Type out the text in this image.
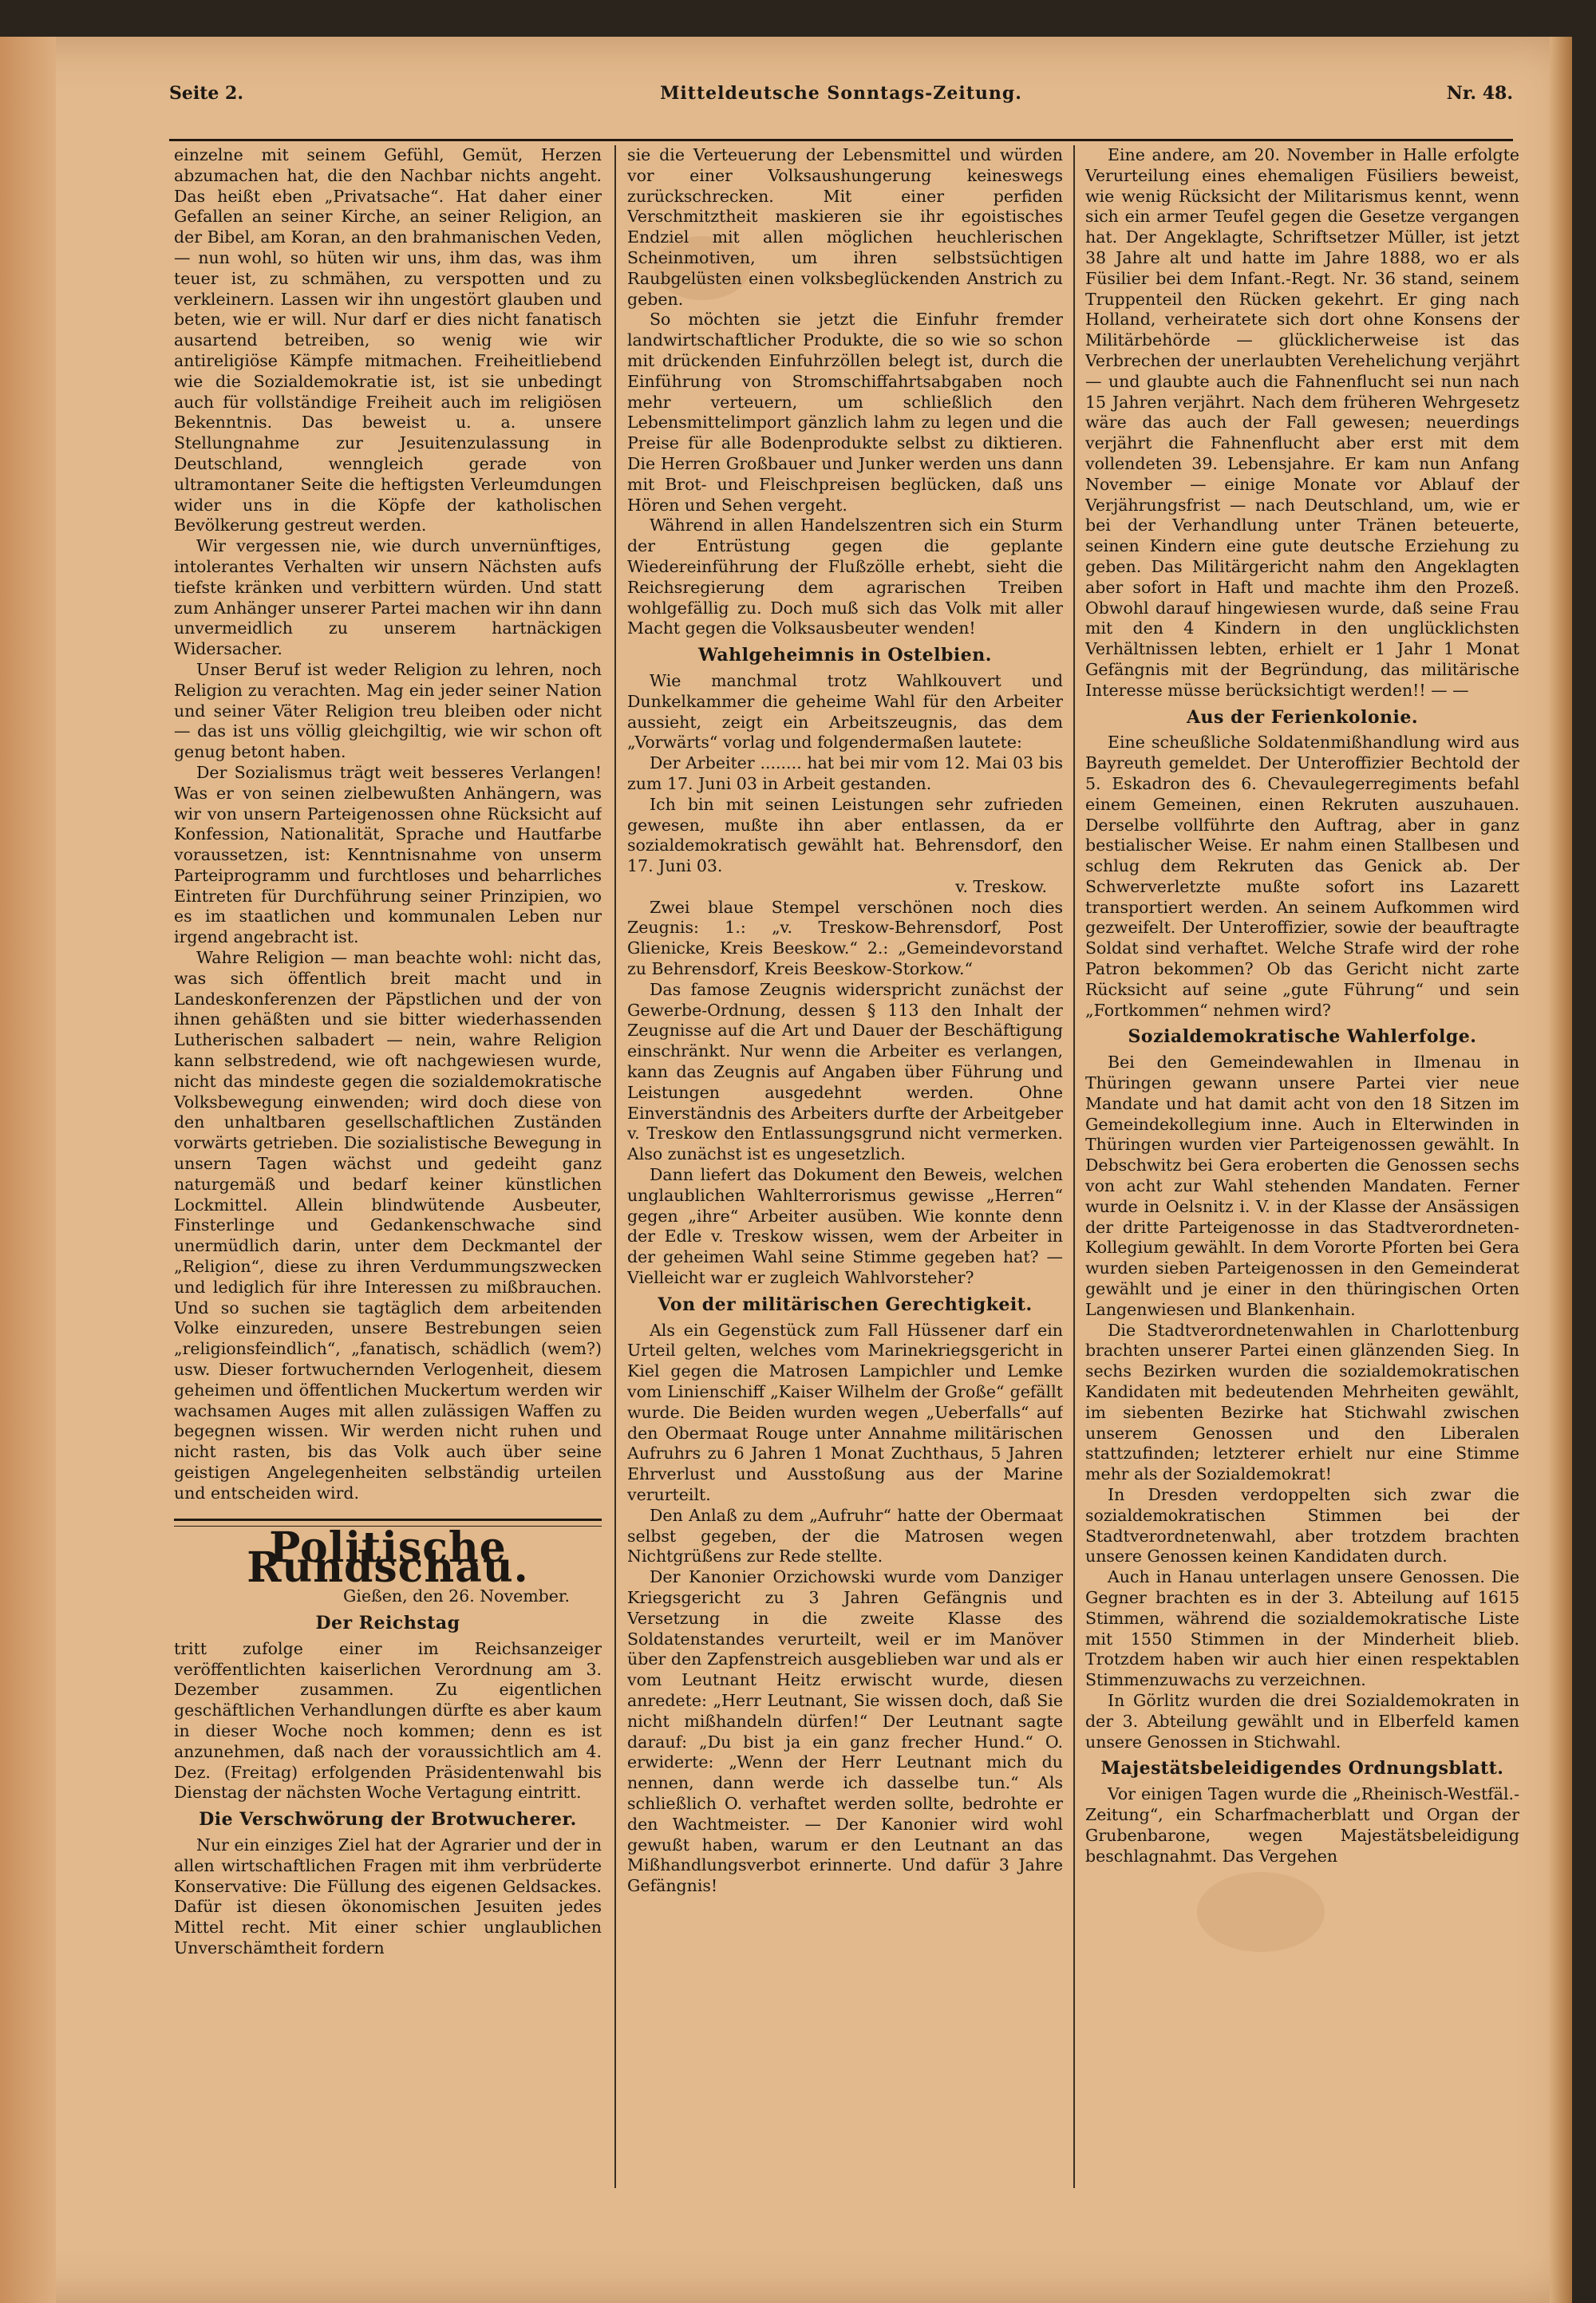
Seite 2.	Mitteldeutsche Sonntags-Zeitung.	Nr. 48.

einzelne mit seinem Gefühl, Gemüt, Herzen abzumachen hat, die den Nachbar nichts angeht. Das heißt eben „Privatsache“. Hat daher einer Gefallen an seiner Kirche, an seiner Religion, an der Bibel, am Koran, an den brahmanischen Veden, — nun wohl, so hüten wir uns, ihm das, was ihm teuer ist, zu schmähen, zu verspotten und zu verkleinern. Lassen wir ihn ungestört glauben und beten, wie er will. Nur darf er dies nicht fanatisch ausartend betreiben, so wenig wie wir antireligiöse Kämpfe mitmachen. Freiheitliebend wie die Sozialdemokratie ist, ist sie unbedingt auch für vollständige Freiheit auch im religiösen Bekenntnis. Das beweist u. a. unsere Stellungnahme zur Jesuitenzulassung in Deutschland, wenngleich gerade von ultramontaner Seite die heftigsten Verleumdungen wider uns in die Köpfe der katholischen Bevölkerung gestreut werden.

Wir vergessen nie, wie durch unvernünftiges, intolerantes Verhalten wir unsern Nächsten aufs tiefste kränken und verbittern würden. Und statt zum Anhänger unserer Partei machen wir ihn dann unvermeidlich zu unserem hartnäckigen Widersacher.

Unser Beruf ist weder Religion zu lehren, noch Religion zu verachten. Mag ein jeder seiner Nation und seiner Väter Religion treu bleiben oder nicht — das ist uns völlig gleichgiltig, wie wir schon oft genug betont haben.

Der Sozialismus trägt weit besseres Verlangen! Was er von seinen zielbewußten Anhängern, was wir von unsern Parteigenossen ohne Rücksicht auf Konfession, Nationalität, Sprache und Hautfarbe voraussetzen, ist: Kenntnisnahme von unserm Parteiprogramm und furchtloses und beharrliches Eintreten für Durchführung seiner Prinzipien, wo es im staatlichen und kommunalen Leben nur irgend angebracht ist.

Wahre Religion — man beachte wohl: nicht das, was sich öffentlich breit macht und in Landeskonferenzen der Päpstlichen und der von ihnen gehäßten und sie bitter wiederhassenden Lutherischen salbadert — nein, wahre Religion kann selbstredend, wie oft nachgewiesen wurde, nicht das mindeste gegen die sozialdemokratische Volksbewegung einwenden; wird doch diese von den unhaltbaren gesellschaftlichen Zuständen vorwärts getrieben. Die sozialistische Bewegung in unsern Tagen wächst und gedeiht ganz naturgemäß und bedarf keiner künstlichen Lockmittel. Allein blindwütende Ausbeuter, Finsterlinge und Gedankenschwache sind unermüdlich darin, unter dem Deckmantel der „Religion“, diese zu ihren Verdummungszwecken und lediglich für ihre Interessen zu mißbrauchen. Und so suchen sie tagtäglich dem arbeitenden Volke einzureden, unsere Bestrebungen seien „religionsfeindlich“, „fanatisch, schädlich (wem?) usw. Dieser fortwuchernden Verlogenheit, diesem geheimen und öffentlichen Muckertum werden wir wachsamen Auges mit allen zulässigen Waffen zu begegnen wissen. Wir werden nicht ruhen und nicht rasten, bis das Volk auch über seine geistigen Angelegenheiten selbständig urteilen und entscheiden wird.

Politische Rundschau.
Gießen, den 26. November.
Der Reichstag

tritt zufolge einer im Reichsanzeiger veröffentlichten kaiserlichen Verordnung am 3. Dezember zusammen. Zu eigentlichen geschäftlichen Verhandlungen dürfte es aber kaum in dieser Woche noch kommen; denn es ist anzunehmen, daß nach der voraussichtlich am 4. Dez. (Freitag) erfolgenden Präsidentenwahl bis Dienstag der nächsten Woche Vertagung eintritt.

Die Verschwörung der Brotwucherer.

Nur ein einziges Ziel hat der Agrarier und der in allen wirtschaftlichen Fragen mit ihm verbrüderte Konservative: Die Füllung des eigenen Geldsackes. Dafür ist diesen ökonomischen Jesuiten jedes Mittel recht. Mit einer schier unglaublichen Unverschämtheit fordern

sie die Verteuerung der Lebensmittel und würden vor einer Volksaushungerung keineswegs zurückschrecken. Mit einer perfiden Verschmitztheit maskieren sie ihr egoistisches Endziel mit allen möglichen heuchlerischen Scheinmotiven, um ihren selbstsüchtigen Raubgelüsten einen volksbeglückenden Anstrich zu geben.

So möchten sie jetzt die Einfuhr fremder landwirtschaftlicher Produkte, die so wie so schon mit drückenden Einfuhrzöllen belegt ist, durch die Einführung von Stromschiffahrtsabgaben noch mehr verteuern, um schließlich den Lebensmittelimport gänzlich lahm zu legen und die Preise für alle Bodenprodukte selbst zu diktieren. Die Herren Großbauer und Junker werden uns dann mit Brot- und Fleischpreisen beglücken, daß uns Hören und Sehen vergeht.

Während in allen Handelszentren sich ein Sturm der Entrüstung gegen die geplante Wiedereinführung der Flußzölle erhebt, sieht die Reichsregierung dem agrarischen Treiben wohlgefällig zu. Doch muß sich das Volk mit aller Macht gegen die Volksausbeuter wenden!

Wahlgeheimnis in Ostelbien.

Wie manchmal trotz Wahlkouvert und Dunkelkammer die geheime Wahl für den Arbeiter aussieht, zeigt ein Arbeitszeugnis, das dem „Vorwärts“ vorlag und folgendermaßen lautete:

Der Arbeiter ........ hat bei mir vom 12. Mai 03 bis zum 17. Juni 03 in Arbeit gestanden.

Ich bin mit seinen Leistungen sehr zufrieden gewesen, mußte ihn aber entlassen, da er sozialdemokratisch gewählt hat. Behrensdorf, den 17. Juni 03.

v. Treskow.

Zwei blaue Stempel verschönen noch dies Zeugnis: 1.: „v. Treskow-Behrensdorf, Post Glienicke, Kreis Beeskow.“ 2.: „Gemeindevorstand zu Behrensdorf, Kreis Beeskow-Storkow.“

Das famose Zeugnis widerspricht zunächst der Gewerbe-Ordnung, dessen § 113 den Inhalt der Zeugnisse auf die Art und Dauer der Beschäftigung einschränkt. Nur wenn die Arbeiter es verlangen, kann das Zeugnis auf Angaben über Führung und Leistungen ausgedehnt werden. Ohne Einverständnis des Arbeiters durfte der Arbeitgeber v. Treskow den Entlassungsgrund nicht vermerken. Also zunächst ist es ungesetzlich.

Dann liefert das Dokument den Beweis, welchen unglaublichen Wahlterrorismus gewisse „Herren“ gegen „ihre“ Arbeiter ausüben. Wie konnte denn der Edle v. Treskow wissen, wem der Arbeiter in der geheimen Wahl seine Stimme gegeben hat? — Vielleicht war er zugleich Wahlvorsteher?

Von der militärischen Gerechtigkeit.

Als ein Gegenstück zum Fall Hüssener darf ein Urteil gelten, welches vom Marinekriegsgericht in Kiel gegen die Matrosen Lampichler und Lemke vom Linienschiff „Kaiser Wilhelm der Große“ gefällt wurde. Die Beiden wurden wegen „Ueberfalls“ auf den Obermaat Rouge unter Annahme militärischen Aufruhrs zu 6 Jahren 1 Monat Zuchthaus, 5 Jahren Ehrverlust und Ausstoßung aus der Marine verurteilt.

Den Anlaß zu dem „Aufruhr“ hatte der Obermaat selbst gegeben, der die Matrosen wegen Nichtgrüßens zur Rede stellte.

Der Kanonier Orzichowski wurde vom Danziger Kriegsgericht zu 3 Jahren Gefängnis und Versetzung in die zweite Klasse des Soldatenstandes verurteilt, weil er im Manöver über den Zapfenstreich ausgeblieben war und als er vom Leutnant Heitz erwischt wurde, diesen anredete: „Herr Leutnant, Sie wissen doch, daß Sie nicht mißhandeln dürfen!“ Der Leutnant sagte darauf: „Du bist ja ein ganz frecher Hund.“ O. erwiderte: „Wenn der Herr Leutnant mich du nennen, dann werde ich dasselbe tun.“ Als schließlich O. verhaftet werden sollte, bedrohte er den Wachtmeister. — Der Kanonier wird wohl gewußt haben, warum er den Leutnant an das Mißhandlungsverbot erinnerte. Und dafür 3 Jahre Gefängnis!

Eine andere, am 20. November in Halle erfolgte Verurteilung eines ehemaligen Füsiliers beweist, wie wenig Rücksicht der Militarismus kennt, wenn sich ein armer Teufel gegen die Gesetze vergangen hat. Der Angeklagte, Schriftsetzer Müller, ist jetzt 38 Jahre alt und hatte im Jahre 1888, wo er als Füsilier bei dem Infant.-Regt. Nr. 36 stand, seinem Truppenteil den Rücken gekehrt. Er ging nach Holland, verheiratete sich dort ohne Konsens der Militärbehörde — glücklicherweise ist das Verbrechen der unerlaubten Verehelichung verjährt — und glaubte auch die Fahnenflucht sei nun nach 15 Jahren verjährt. Nach dem früheren Wehrgesetz wäre das auch der Fall gewesen; neuerdings verjährt die Fahnenflucht aber erst mit dem vollendeten 39. Lebensjahre. Er kam nun Anfang November — einige Monate vor Ablauf der Verjährungsfrist — nach Deutschland, um, wie er bei der Verhandlung unter Tränen beteuerte, seinen Kindern eine gute deutsche Erziehung zu geben. Das Militärgericht nahm den Angeklagten aber sofort in Haft und machte ihm den Prozeß. Obwohl darauf hingewiesen wurde, daß seine Frau mit den 4 Kindern in den unglücklichsten Verhältnissen lebten, erhielt er 1 Jahr 1 Monat Gefängnis mit der Begründung, das militärische Interesse müsse berücksichtigt werden!! — —

Aus der Ferienkolonie.

Eine scheußliche Soldatenmißhandlung wird aus Bayreuth gemeldet. Der Unteroffizier Bechtold der 5. Eskadron des 6. Chevaulegerregiments befahl einem Gemeinen, einen Rekruten auszuhauen. Derselbe vollführte den Auftrag, aber in ganz bestialischer Weise. Er nahm einen Stallbesen und schlug dem Rekruten das Genick ab. Der Schwerverletzte mußte sofort ins Lazarett transportiert werden. An seinem Aufkommen wird gezweifelt. Der Unteroffizier, sowie der beauftragte Soldat sind verhaftet. Welche Strafe wird der rohe Patron bekommen? Ob das Gericht nicht zarte Rücksicht auf seine „gute Führung“ und sein „Fortkommen“ nehmen wird?

Sozialdemokratische Wahlerfolge.

Bei den Gemeindewahlen in Ilmenau in Thüringen gewann unsere Partei vier neue Mandate und hat damit acht von den 18 Sitzen im Gemeindekollegium inne. Auch in Elterwinden in Thüringen wurden vier Parteigenossen gewählt. In Debschwitz bei Gera eroberten die Genossen sechs von acht zur Wahl stehenden Mandaten. Ferner wurde in Oelsnitz i. V. in der Klasse der Ansässigen der dritte Parteigenosse in das Stadtverordneten-Kollegium gewählt. In dem Vororte Pforten bei Gera wurden sieben Parteigenossen in den Gemeinderat gewählt und je einer in den thüringischen Orten Langenwiesen und Blankenhain.

Die Stadtverordnetenwahlen in Charlottenburg brachten unserer Partei einen glänzenden Sieg. In sechs Bezirken wurden die sozialdemokratischen Kandidaten mit bedeutenden Mehrheiten gewählt, im siebenten Bezirke hat Stichwahl zwischen unserem Genossen und den Liberalen stattzufinden; letzterer erhielt nur eine Stimme mehr als der Sozialdemokrat!

In Dresden verdoppelten sich zwar die sozialdemokratischen Stimmen bei der Stadtverordnetenwahl, aber trotzdem brachten unsere Genossen keinen Kandidaten durch.

Auch in Hanau unterlagen unsere Genossen. Die Gegner brachten es in der 3. Abteilung auf 1615 Stimmen, während die sozialdemokratische Liste mit 1550 Stimmen in der Minderheit blieb. Trotzdem haben wir auch hier einen respektablen Stimmenzuwachs zu verzeichnen.

In Görlitz wurden die drei Sozialdemokraten in der 3. Abteilung gewählt und in Elberfeld kamen unsere Genossen in Stichwahl.

Majestätsbeleidigendes Ordnungsblatt.

Vor einigen Tagen wurde die „Rheinisch-Westfäl.-Zeitung“, ein Scharfmacherblatt und Organ der Grubenbarone, wegen Majestätsbeleidigung beschlagnahmt. Das Vergehen
